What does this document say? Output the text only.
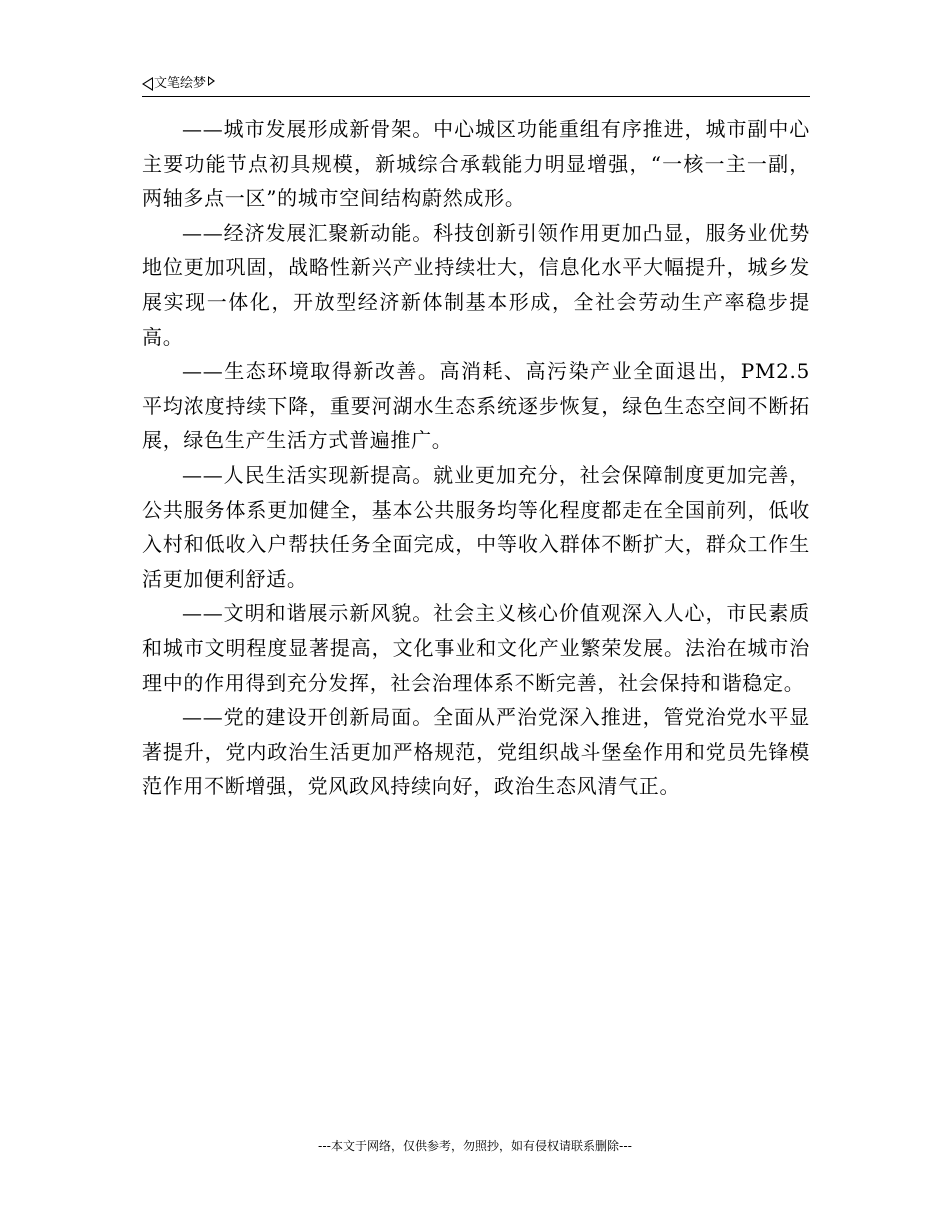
文笔绘梦

——城市发展形成新骨架。中心城区功能重组有序推进，城市副中心主要功能节点初具规模，新城综合承载能力明显增强，“一核一主一副，两轴多点一区”的城市空间结构蔚然成形。

——经济发展汇聚新动能。科技创新引领作用更加凸显，服务业优势地位更加巩固，战略性新兴产业持续壮大，信息化水平大幅提升，城乡发展实现一体化，开放型经济新体制基本形成，全社会劳动生产率稳步提高。

——生态环境取得新改善。高消耗、高污染产业全面退出，PM2.5平均浓度持续下降，重要河湖水生态系统逐步恢复，绿色生态空间不断拓展，绿色生产生活方式普遍推广。

——人民生活实现新提高。就业更加充分，社会保障制度更加完善，公共服务体系更加健全，基本公共服务均等化程度都走在全国前列，低收入村和低收入户帮扶任务全面完成，中等收入群体不断扩大，群众工作生活更加便利舒适。

——文明和谐展示新风貌。社会主义核心价值观深入人心，市民素质和城市文明程度显著提高，文化事业和文化产业繁荣发展。法治在城市治理中的作用得到充分发挥，社会治理体系不断完善，社会保持和谐稳定。

——党的建设开创新局面。全面从严治党深入推进，管党治党水平显著提升，党内政治生活更加严格规范，党组织战斗堡垒作用和党员先锋模范作用不断增强，党风政风持续向好，政治生态风清气正。

---本文于网络，仅供参考，勿照抄，如有侵权请联系删除---
